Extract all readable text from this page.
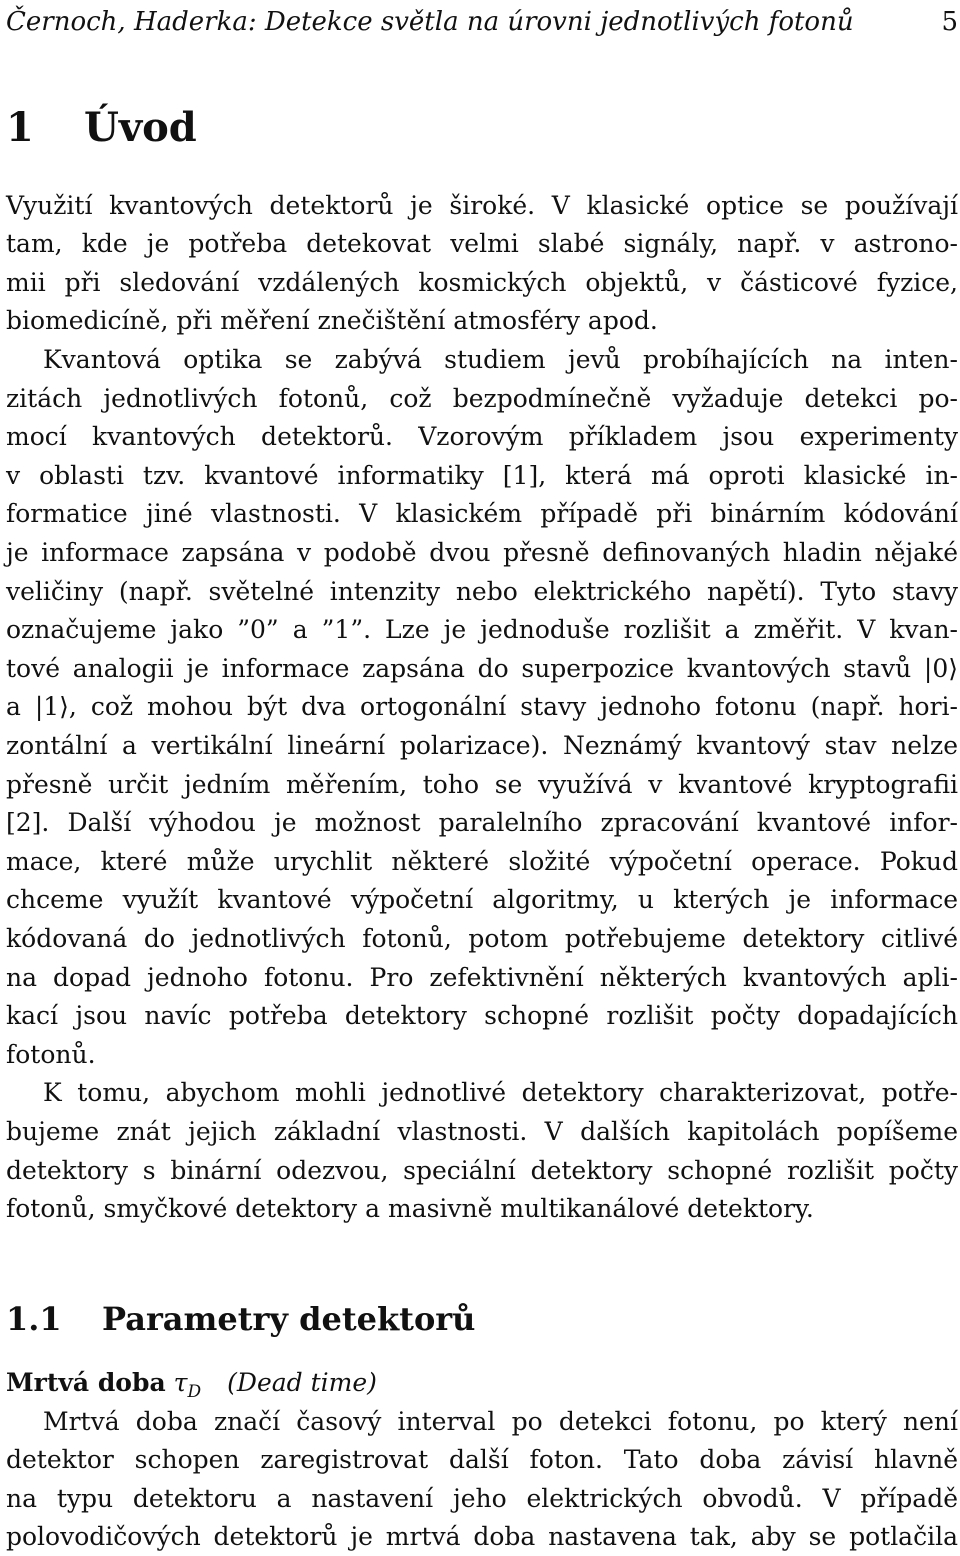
Černoch, Haderka: Detekce světla na úrovni jednotlivých fotonů	5
1 Úvod
Využití kvantových detektorů je široké. V klasické optice se používají
tam, kde je potřeba detekovat velmi slabé signály, např. v astrono-
mii při sledování vzdálených kosmických objektů, v částicové fyzice,
biomedicíně, při měření znečištění atmosféry apod.
Kvantová optika se zabývá studiem jevů probíhajících na inten-
zitách jednotlivých fotonů, což bezpodmínečně vyžaduje detekci po-
mocí kvantových detektorů. Vzorovým příkladem jsou experimenty
v oblasti tzv. kvantové informatiky [1], která má oproti klasické in-
formatice jiné vlastnosti. V klasickém případě při binárním kódování
je informace zapsána v podobě dvou přesně definovaných hladin nějaké
veličiny (např. světelné intenzity nebo elektrického napětí). Tyto stavy
označujeme jako ”0” a ”1”. Lze je jednoduše rozlišit a změřit. V kvan-
tové analogii je informace zapsána do superpozice kvantových stavů |0⟩
a |1⟩, což mohou být dva ortogonální stavy jednoho fotonu (např. hori-
zontální a vertikální lineární polarizace). Neznámý kvantový stav nelze
přesně určit jedním měřením, toho se využívá v kvantové kryptografii
[2]. Další výhodou je možnost paralelního zpracování kvantové infor-
mace, které může urychlit některé složité výpočetní operace. Pokud
chceme využít kvantové výpočetní algoritmy, u kterých je informace
kódovaná do jednotlivých fotonů, potom potřebujeme detektory citlivé
na dopad jednoho fotonu. Pro zefektivnění některých kvantových apli-
kací jsou navíc potřeba detektory schopné rozlišit počty dopadajících
fotonů.
K tomu, abychom mohli jednotlivé detektory charakterizovat, potře-
bujeme znát jejich základní vlastnosti. V dalších kapitolách popíšeme
detektory s binární odezvou, speciální detektory schopné rozlišit počty
fotonů, smyčkové detektory a masivně multikanálové detektory.
1.1 Parametry detektorů
Mrtvá doba $\tau_D$ (Dead time)
Mrtvá doba značí časový interval po detekci fotonu, po který není
detektor schopen zaregistrovat další foton. Tato doba závisí hlavně
na typu detektoru a nastavení jeho elektrických obvodů. V případě
polovodičových detektorů je mrtvá doba nastavena tak, aby se potlačila
